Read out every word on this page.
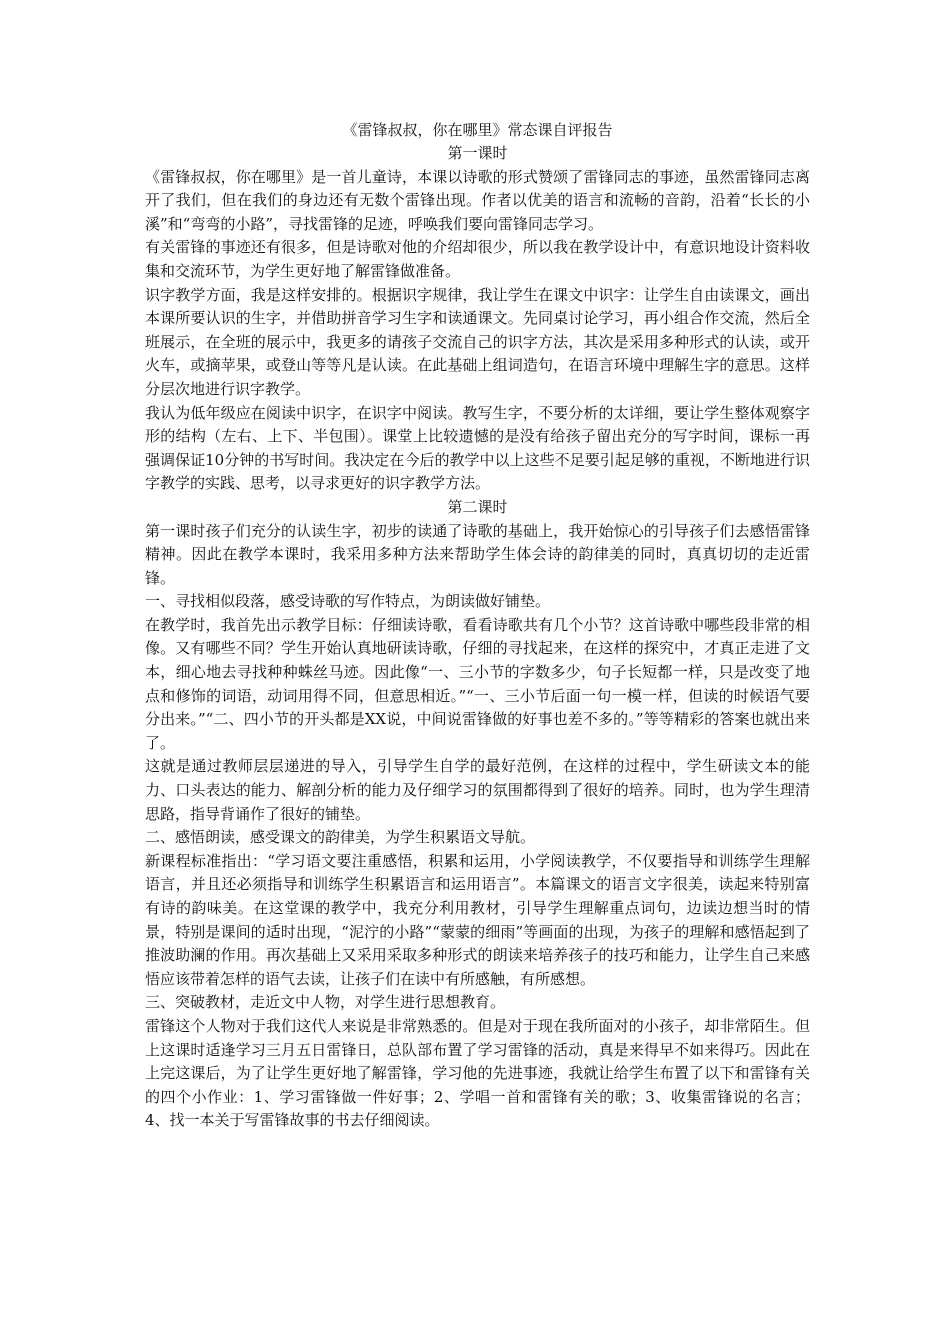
《雷锋叔叔，你在哪里》常态课自评报告

第一课时

《雷锋叔叔，你在哪里》是一首儿童诗，本课以诗歌的形式赞颂了雷锋同志的事迹，虽然雷锋同志离开了我们，但在我们的身边还有无数个雷锋出现。作者以优美的语言和流畅的音韵，沿着“长长的小溪”和“弯弯的小路”，寻找雷锋的足迹，呼唤我们要向雷锋同志学习。

有关雷锋的事迹还有很多，但是诗歌对他的介绍却很少，所以我在教学设计中，有意识地设计资料收集和交流环节，为学生更好地了解雷锋做准备。

识字教学方面，我是这样安排的。根据识字规律，我让学生在课文中识字：让学生自由读课文，画出本课所要认识的生字，并借助拼音学习生字和读通课文。先同桌讨论学习，再小组合作交流，然后全班展示，在全班的展示中，我更多的请孩子交流自己的识字方法，其次是采用多种形式的认读，或开火车，或摘苹果，或登山等等凡是认读。在此基础上组词造句，在语言环境中理解生字的意思。这样分层次地进行识字教学。

我认为低年级应在阅读中识字，在识字中阅读。教写生字，不要分析的太详细，要让学生整体观察字形的结构（左右、上下、半包围）。课堂上比较遗憾的是没有给孩子留出充分的写字时间，课标一再强调保证10分钟的书写时间。我决定在今后的教学中以上这些不足要引起足够的重视，不断地进行识字教学的实践、思考，以寻求更好的识字教学方法。

第二课时

第一课时孩子们充分的认读生字，初步的读通了诗歌的基础上，我开始惊心的引导孩子们去感悟雷锋精神。因此在教学本课时，我采用多种方法来帮助学生体会诗的韵律美的同时，真真切切的走近雷锋。

一、寻找相似段落，感受诗歌的写作特点，为朗读做好铺垫。

在教学时，我首先出示教学目标：仔细读诗歌，看看诗歌共有几个小节？这首诗歌中哪些段非常的相像。又有哪些不同？学生开始认真地研读诗歌，仔细的寻找起来，在这样的探究中，才真正走进了文本，细心地去寻找种种蛛丝马迹。因此像“一、三小节的字数多少，句子长短都一样，只是改变了地点和修饰的词语，动词用得不同，但意思相近。”“一、三小节后面一句一模一样，但读的时候语气要分出来。”“二、四小节的开头都是XX说，中间说雷锋做的好事也差不多的。”等等精彩的答案也就出来了。

这就是通过教师层层递进的导入，引导学生自学的最好范例，在这样的过程中，学生研读文本的能力、口头表达的能力、解剖分析的能力及仔细学习的氛围都得到了很好的培养。同时，也为学生理清思路，指导背诵作了很好的铺垫。

二、感悟朗读，感受课文的韵律美，为学生积累语文导航。

新课程标准指出：“学习语文要注重感悟，积累和运用，小学阅读教学，不仅要指导和训练学生理解语言，并且还必须指导和训练学生积累语言和运用语言”。本篇课文的语言文字很美，读起来特别富有诗的韵味美。在这堂课的教学中，我充分利用教材，引导学生理解重点词句，边读边想当时的情景，特别是课间的适时出现，“泥泞的小路”“蒙蒙的细雨”等画面的出现，为孩子的理解和感悟起到了推波助澜的作用。再次基础上又采用采取多种形式的朗读来培养孩子的技巧和能力，让学生自己来感悟应该带着怎样的语气去读，让孩子们在读中有所感触，有所感想。

三、突破教材，走近文中人物，对学生进行思想教育。

雷锋这个人物对于我们这代人来说是非常熟悉的。但是对于现在我所面对的小孩子，却非常陌生。但上这课时适逢学习三月五日雷锋日，总队部布置了学习雷锋的活动，真是来得早不如来得巧。因此在上完这课后，为了让学生更好地了解雷锋，学习他的先进事迹，我就让给学生布置了以下和雷锋有关的四个小作业：1、学习雷锋做一件好事；2、学唱一首和雷锋有关的歌；3、收集雷锋说的名言；4、找一本关于写雷锋故事的书去仔细阅读。
